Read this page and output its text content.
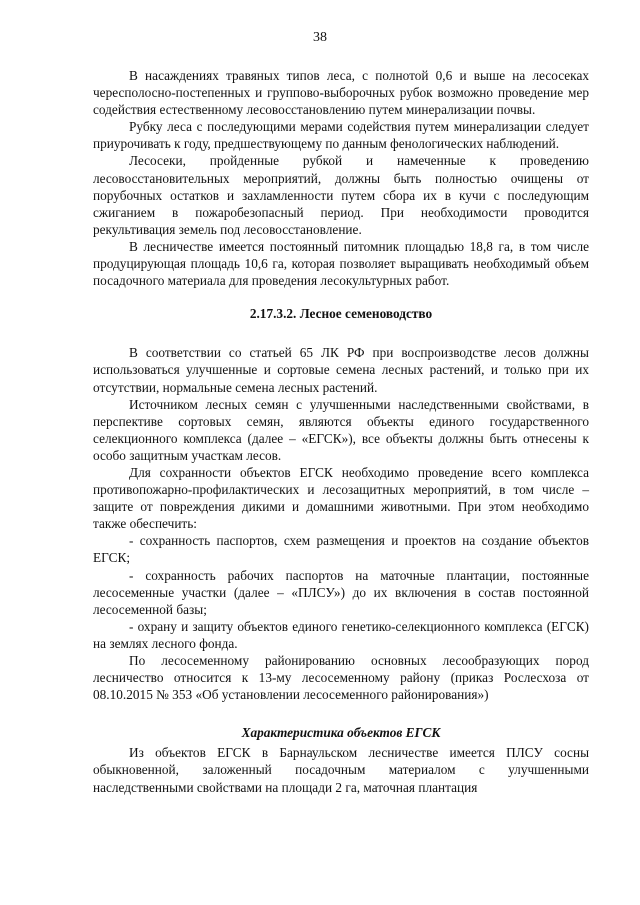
38

В насаждениях травяных типов леса, с полнотой 0,6 и выше на лесосеках чересполосно-постепенных и группово-выборочных рубок возможно проведение мер содействия естественному лесовосстановлению путем минерализации почвы.

Рубку леса с последующими мерами содействия путем минерализации следует приурочивать к году, предшествующему по данным фенологических наблюдений.

Лесосеки, пройденные рубкой и намеченные к проведению лесовосстановительных мероприятий, должны быть полностью очищены от порубочных остатков и захламленности путем сбора их в кучи с последующим сжиганием в пожаробезопасный период. При необходимости проводится рекультивация земель под лесовосстановление.

В лесничестве имеется постоянный питомник площадью 18,8 га, в том числе продуцирующая площадь 10,6 га, которая позволяет выращивать необходимый объем посадочного материала для проведения лесокультурных работ.

2.17.3.2. Лесное семеноводство

В соответствии со статьей 65 ЛК РФ при воспроизводстве лесов должны использоваться улучшенные и сортовые семена лесных растений, и только при их отсутствии, нормальные семена лесных растений.

Источником лесных семян с улучшенными наследственными свойствами, в перспективе сортовых семян, являются объекты единого государственного селекционного комплекса (далее – «ЕГСК»), все объекты должны быть отнесены к особо защитным участкам лесов.

Для сохранности объектов ЕГСК необходимо проведение всего комплекса противопожарно-профилактических и лесозащитных мероприятий, в том числе – защите от повреждения дикими и домашними животными. При этом необходимо также обеспечить:

- сохранность паспортов, схем размещения и проектов на создание объектов ЕГСК;

- сохранность рабочих паспортов на маточные плантации, постоянные лесосеменные участки (далее – «ПЛСУ») до их включения в состав постоянной лесосеменной базы;

- охрану и защиту объектов единого генетико-селекционного комплекса (ЕГСК) на землях лесного фонда.

По лесосеменному районированию основных лесообразующих пород лесничество относится к 13-му лесосеменному району (приказ Рослесхоза от 08.10.2015 № 353 «Об установлении лесосеменного районирования»)

Характеристика объектов ЕГСК

Из объектов ЕГСК в Барнаульском лесничестве имеется ПЛСУ сосны обыкновенной, заложенный посадочным материалом с улучшенными наследственными свойствами на площади 2 га, маточная плантация
